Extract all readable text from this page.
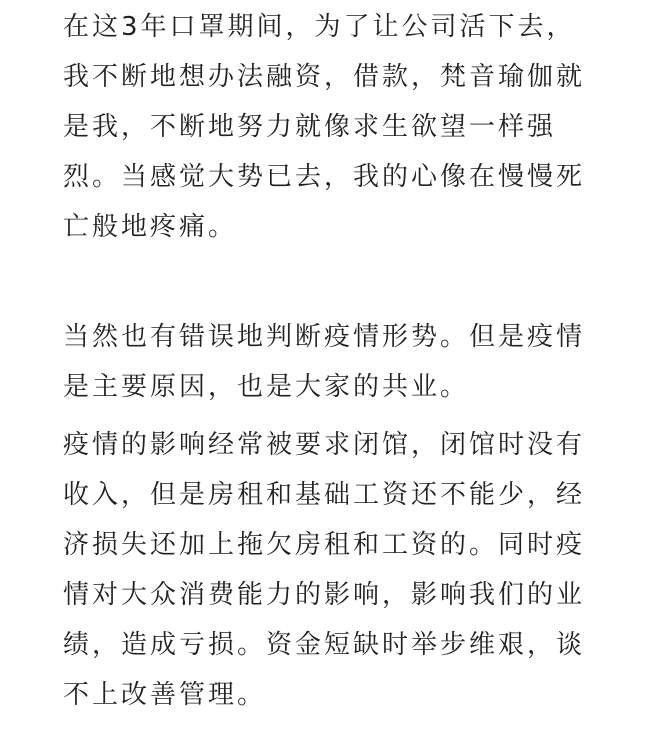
在这3年口罩期间，为了让公司活下去，
我不断地想办法融资，借款，梵音瑜伽就
是我，不断地努力就像求生欲望一样强
烈。当感觉大势已去，我的心像在慢慢死
亡般地疼痛。
当然也有错误地判断疫情形势。但是疫情
是主要原因，也是大家的共业。
疫情的影响经常被要求闭馆，闭馆时没有
收入，但是房租和基础工资还不能少，经
济损失还加上拖欠房租和工资的。同时疫
情对大众消费能力的影响，影响我们的业
绩，造成亏损。资金短缺时举步维艰，谈
不上改善管理。
